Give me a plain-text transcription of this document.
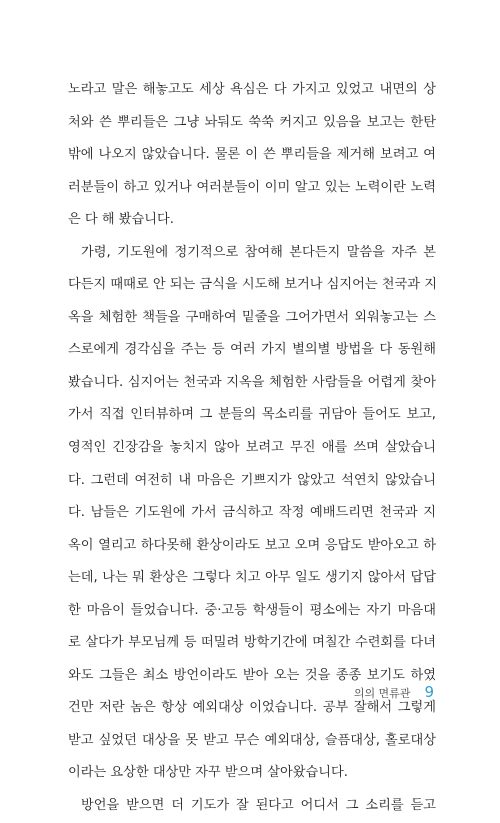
노라고 말은 해놓고도 세상 욕심은 다 가지고 있었고 내면의 상
처와 쓴 뿌리들은 그냥 놔둬도 쑥쑥 커지고 있음을 보고는 한탄
밖에 나오지 않았습니다. 물론 이 쓴 뿌리들을 제거해 보려고 여
러분들이 하고 있거나 여러분들이 이미 알고 있는 노력이란 노력
은 다 해 봤습니다.
가령, 기도원에 정기적으로 참여해 본다든지 말씀을 자주 본
다든지 때때로 안 되는 금식을 시도해 보거나 심지어는 천국과 지
옥을 체험한 책들을 구매하여 밑줄을 그어가면서 외워놓고는 스
스로에게 경각심을 주는 등 여러 가지 별의별 방법을 다 동원해
봤습니다. 심지어는 천국과 지옥을 체험한 사람들을 어렵게 찾아
가서 직접 인터뷰하며 그 분들의 목소리를 귀담아 들어도 보고,
영적인 긴장감을 놓치지 않아 보려고 무진 애를 쓰며 살았습니
다. 그런데 여전히 내 마음은 기쁘지가 않았고 석연치 않았습니
다. 남들은 기도원에 가서 금식하고 작정 예배드리면 천국과 지
옥이 열리고 하다못해 환상이라도 보고 오며 응답도 받아오고 하
는데, 나는 뭐 환상은 그렇다 치고 아무 일도 생기지 않아서 답답
한 마음이 들었습니다. 중·고등 학생들이 평소에는 자기 마음대
로 살다가 부모님께 등 떠밀려 방학기간에 며칠간 수련회를 다녀
와도 그들은 최소 방언이라도 받아 오는 것을 종종 보기도 하였
건만 저란 놈은 항상 예외대상 이었습니다. 공부 잘해서 그렇게
받고 싶었던 대상을 못 받고 무슨 예외대상, 슬픔대상, 홀로대상
이라는 요상한 대상만 자꾸 받으며 살아왔습니다.
방언을 받으면 더 기도가 잘 된다고 어디서 그 소리를 듣고
의의 면류관 9
